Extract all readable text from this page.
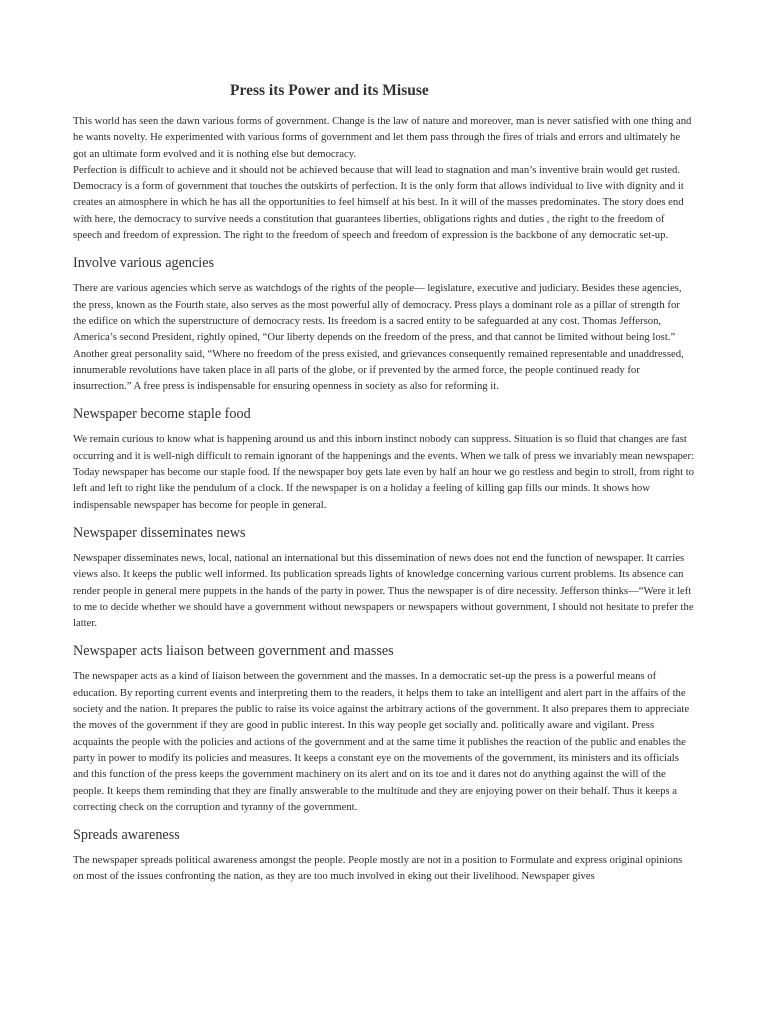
Press its Power and its Misuse

This world has seen the dawn various forms of government. Change is the law of nature and moreover, man is never satisfied with one thing and he wants novelty. He experimented with various forms of government and let them pass through the fires of trials and errors and ultimately he got an ultimate form evolved and it is nothing else but democracy.

Perfection is difficult to achieve and it should not be achieved because that will lead to stagnation and man’s inventive brain would get rusted. Democracy is a form of government that touches the outskirts of perfection. It is the only form that allows individual to live with dignity and it creates an atmosphere in which he has all the opportunities to feel himself at his best. In it will of the masses predominates. The story does end with here, the democracy to survive needs a constitution that guarantees liberties, obligations rights and duties , the right to the freedom of speech and freedom of expression. The right to the freedom of speech and freedom of expression is the backbone of any democratic set-up.

Involve various agencies

There are various agencies which serve as watchdogs of the rights of the people— legislature, executive and judiciary. Besides these agencies, the press, known as the Fourth state, also serves as the most powerful ally of democracy. Press plays a dominant role as a pillar of strength for the edifice on which the superstructure of democracy rests. Its freedom is a sacred entity to be safeguarded at any cost. Thomas Jefferson, America’s second President, rightly opined, “Our liberty depends on the freedom of the press, and that cannot be limited without being lost.” Another great personality said, “Where no freedom of the press existed, and grievances consequently remained representable and unaddressed, innumerable revolutions have taken place in all parts of the globe, or if prevented by the armed force, the people continued ready for insurrection.” A free press is indispensable for ensuring openness in society as also for reforming it.

Newspaper become staple food

We remain curious to know what is happening around us and this inborn instinct nobody can suppress. Situation is so fluid that changes are fast occurring and it is well-nigh difficult to remain ignorant of the happenings and the events. When we talk of press we invariably mean newspaper: Today newspaper has become our staple food. If the newspaper boy gets late even by half an hour we go restless and begin to stroll, from right to left and left to right like the pendulum of a clock. If the newspaper is on a holiday a feeling of killing gap fills our minds. It shows how indispensable newspaper has become for people in general.

Newspaper disseminates news

Newspaper disseminates news, local, national an international but this dissemination of news does not end the function of newspaper. It carries views also. It keeps the public well informed. Its publication spreads lights of knowledge concerning various current problems. Its absence can render people in general mere puppets in the hands of the party in power. Thus the newspaper is of dire necessity. Jefferson thinks—“Were it left to me to decide whether we should have a government without newspapers or newspapers without government, I should not hesitate to prefer the latter.

Newspaper acts liaison between government and masses

The newspaper acts as a kind of liaison between the government and the masses. In a democratic set-up the press is a powerful means of education. By reporting current events and interpreting them to the readers, it helps them to take an intelligent and alert part in the affairs of the society and the nation. It prepares the public to raise its voice against the arbitrary actions of the government. It also prepares them to appreciate the moves of the government if they are good in public interest. In this way people get socially and. politically aware and vigilant. Press acquaints the people with the policies and actions of the government and at the same time it publishes the reaction of the public and enables the party in power to modify its policies and measures. It keeps a constant eye on the movements of the government, its ministers and its officials and this function of the press keeps the government machinery on its alert and on its toe and it dares not do anything against the will of the people. It keeps them reminding that they are finally answerable to the multitude and they are enjoying power on their behalf. Thus it keeps a correcting check on the corruption and tyranny of the government.

Spreads awareness

The newspaper spreads political awareness amongst the people. People mostly are not in a position to Formulate and express original opinions on most of the issues confronting the nation, as they are too much involved in eking out their livelihood. Newspaper gives
